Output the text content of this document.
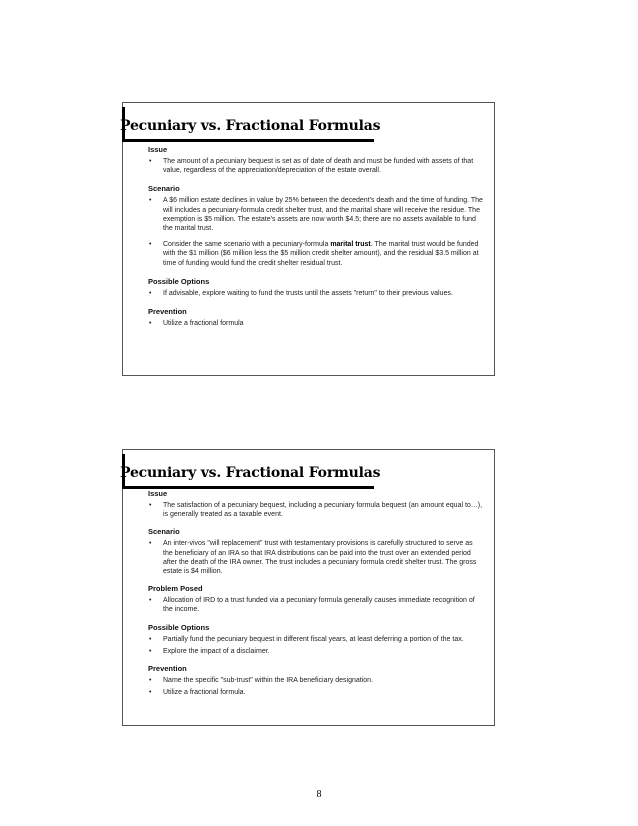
Pecuniary vs. Fractional Formulas
Issue
• The amount of a pecuniary bequest is set as of date of death and must be funded with assets of that value, regardless of the appreciation/depreciation of the estate overall.
Scenario
• A $6 million estate declines in value by 25% between the decedent's death and the time of funding. The will includes a pecuniary-formula credit shelter trust, and the marital share will receive the residue. The exemption is $5 million. The estate's assets are now worth $4.5; there are no assets available to fund the marital trust.
• Consider the same scenario with a pecuniary-formula marital trust. The marital trust would be funded with the $1 million ($6 million less the $5 million credit shelter amount), and the residual $3.5 million at time of funding would fund the credit shelter residual trust.
Possible Options
• If advisable, explore waiting to fund the trusts until the assets "return" to their previous values.
Prevention
• Utilize a fractional formula
Pecuniary vs. Fractional Formulas
Issue
• The satisfaction of a pecuniary bequest, including a pecuniary formula bequest (an amount equal to…), is generally treated as a taxable event.
Scenario
• An inter-vivos "will replacement" trust with testamentary provisions is carefully structured to serve as the beneficiary of an IRA so that IRA distributions can be paid into the trust over an extended period after the death of the IRA owner. The trust includes a pecuniary formula credit shelter trust. The gross estate is $4 million.
Problem Posed
• Allocation of IRD to a trust funded via a pecuniary formula generally causes immediate recognition of the income.
Possible Options
• Partially fund the pecuniary bequest in different fiscal years, at least deferring a portion of the tax.
• Explore the impact of a disclaimer.
Prevention
• Name the specific "sub-trust" within the IRA beneficiary designation.
• Utilize a fractional formula.
8
